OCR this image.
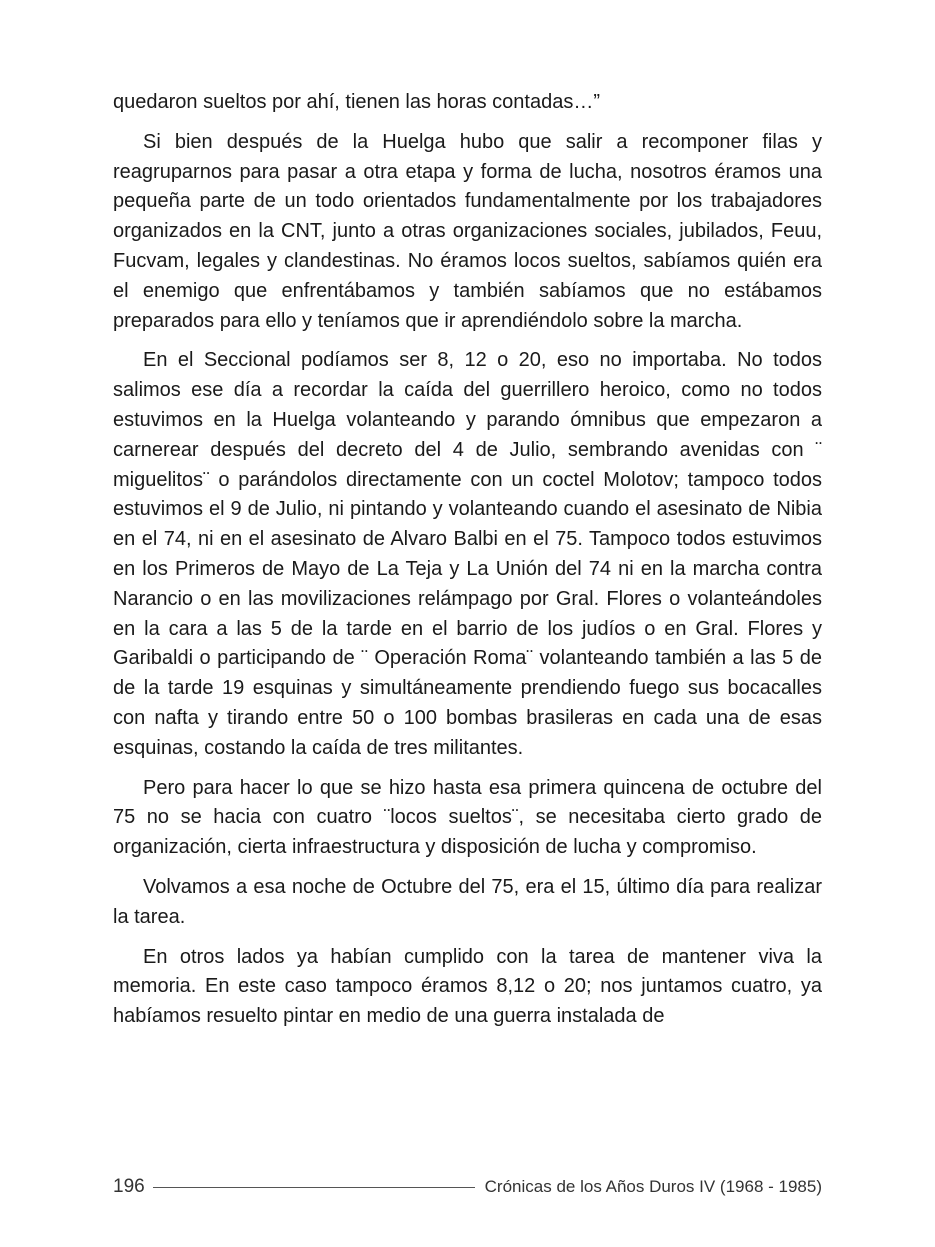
quedaron sueltos por ahí, tienen las horas contadas…”

Si bien después de la Huelga hubo que salir a recomponer filas y reagruparnos para pasar a otra etapa y forma de lucha, nosotros éramos una pequeña parte de un todo orientados fundamentalmente por los trabajadores organizados en la CNT, junto a otras organizaciones sociales, jubilados, Feuu, Fucvam, legales y clandestinas. No éramos locos sueltos, sabíamos quién era el enemigo que enfrentábamos y también sabíamos que no estábamos preparados para ello y teníamos que ir aprendiéndolo sobre la marcha.

En el Seccional podíamos ser 8, 12 o 20, eso no importaba. No todos salimos ese día a recordar la caída del guerrillero heroico, como no todos estuvimos en la Huelga volanteando y parando ómnibus que empezaron a carnerear después del decreto del 4 de Julio, sembrando avenidas con ¨ miguelitos¨ o parándolos directamente con un coctel Molotov; tampoco todos estuvimos el 9 de Julio, ni pintando y volanteando cuando el asesinato de Nibia en el 74, ni en el asesinato de Alvaro Balbi en el 75. Tampoco todos estuvimos en los Primeros de Mayo de La Teja y La Unión del 74 ni en la marcha contra Narancio o en las movilizaciones relámpago por Gral. Flores o volanteándoles en la cara a las 5 de la tarde en el barrio de los judíos o en Gral. Flores y Garibaldi o participando de ¨ Operación Roma¨ volanteando también a las 5 de de la tarde 19 esquinas y simultáneamente prendiendo fuego sus bocacalles con nafta y tirando entre 50 o 100 bombas brasileras en cada una de esas esquinas, costando la caída de tres militantes.

Pero para hacer lo que se hizo hasta esa primera quincena de octubre del 75 no se hacia con cuatro ¨locos sueltos¨, se necesitaba cierto grado de organización, cierta infraestructura y disposición de lucha y compromiso.

Volvamos a esa noche de Octubre del 75, era el 15, último día para realizar la tarea.

En otros lados ya habían cumplido con la tarea de mantener viva la memoria. En este caso tampoco éramos 8,12 o 20; nos juntamos cuatro, ya habíamos resuelto pintar en medio de una guerra instalada de

196	Crónicas de los Años Duros IV (1968 - 1985)
